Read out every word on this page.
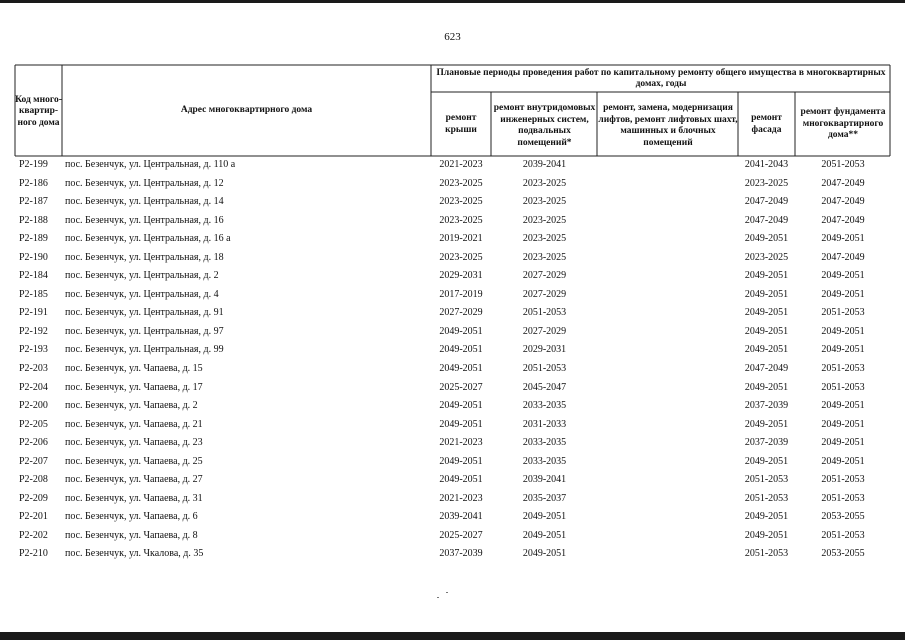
623
Код много-квартир-ного дома
Адрес многоквартирного дома
Плановые периоды проведения работ по капитальному ремонту общего имущества в многоквартирных домах, годы
ремонт крыши
ремонт внутридомовых инженерных систем, подвальных помещений*
ремонт, замена, модернизация лифтов, ремонт лифтовых шахт, машинных и блочных помещений
ремонт фасада
ремонт фундамента многоквартирного дома**
Р2-199 пос. Безенчук, ул. Центральная, д. 110 а	2021-2023	2039-2041	2041-2043	2051-2053
Р2-186 пос. Безенчук, ул. Центральная, д. 12	2023-2025	2023-2025	2023-2025	2047-2049
Р2-187 пос. Безенчук, ул. Центральная, д. 14	2023-2025	2023-2025	2047-2049	2047-2049
Р2-188 пос. Безенчук, ул. Центральная, д. 16	2023-2025	2023-2025	2047-2049	2047-2049
Р2-189 пос. Безенчук, ул. Центральная, д. 16 а	2019-2021	2023-2025	2049-2051	2049-2051
Р2-190 пос. Безенчук, ул. Центральная, д. 18	2023-2025	2023-2025	2023-2025	2047-2049
Р2-184 пос. Безенчук, ул. Центральная, д. 2	2029-2031	2027-2029	2049-2051	2049-2051
Р2-185 пос. Безенчук, ул. Центральная, д. 4	2017-2019	2027-2029	2049-2051	2049-2051
Р2-191 пос. Безенчук, ул. Центральная, д. 91	2027-2029	2051-2053	2049-2051	2051-2053
Р2-192 пос. Безенчук, ул. Центральная, д. 97	2049-2051	2027-2029	2049-2051	2049-2051
Р2-193 пос. Безенчук, ул. Центральная, д. 99	2049-2051	2029-2031	2049-2051	2049-2051
Р2-203 пос. Безенчук, ул. Чапаева, д. 15	2049-2051	2051-2053	2047-2049	2051-2053
Р2-204 пос. Безенчук, ул. Чапаева, д. 17	2025-2027	2045-2047	2049-2051	2051-2053
Р2-200 пос. Безенчук, ул. Чапаева, д. 2	2049-2051	2033-2035	2037-2039	2049-2051
Р2-205 пос. Безенчук, ул. Чапаева, д. 21	2049-2051	2031-2033	2049-2051	2049-2051
Р2-206 пос. Безенчук, ул. Чапаева, д. 23	2021-2023	2033-2035	2037-2039	2049-2051
Р2-207 пос. Безенчук, ул. Чапаева, д. 25	2049-2051	2033-2035	2049-2051	2049-2051
Р2-208 пос. Безенчук, ул. Чапаева, д. 27	2049-2051	2039-2041	2051-2053	2051-2053
Р2-209 пос. Безенчук, ул. Чапаева, д. 31	2021-2023	2035-2037	2051-2053	2051-2053
Р2-201 пос. Безенчук, ул. Чапаева, д. 6	2039-2041	2049-2051	2049-2051	2053-2055
Р2-202 пос. Безенчук, ул. Чапаева, д. 8	2025-2027	2049-2051	2049-2051	2051-2053
Р2-210 пос. Безенчук, ул. Чкалова, д. 35	2037-2039	2049-2051	2051-2053	2053-2055
